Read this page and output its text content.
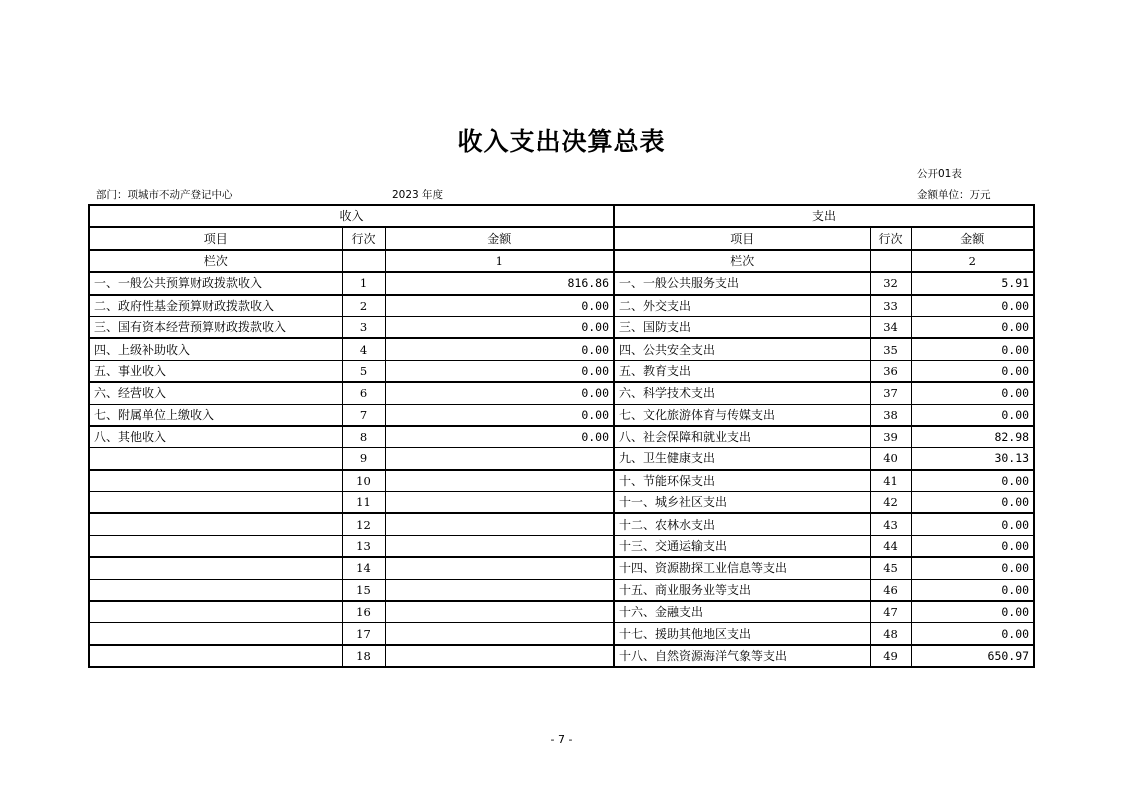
收入支出决算总表
公开01表
部门：项城市不动产登记中心	2023 年度	金额单位：万元
收入			支出		
项目	行次	金额	项目	行次	金额
栏次		1	栏次		2
一、一般公共预算财政拨款收入	1	816.86	一、一般公共服务支出	32	5.91
二、政府性基金预算财政拨款收入	2	0.00	二、外交支出	33	0.00
三、国有资本经营预算财政拨款收入	3	0.00	三、国防支出	34	0.00
四、上级补助收入	4	0.00	四、公共安全支出	35	0.00
五、事业收入	5	0.00	五、教育支出	36	0.00
六、经营收入	6	0.00	六、科学技术支出	37	0.00
七、附属单位上缴收入	7	0.00	七、文化旅游体育与传媒支出	38	0.00
八、其他收入	8	0.00	八、社会保障和就业支出	39	82.98
	9		九、卫生健康支出	40	30.13
	10		十、节能环保支出	41	0.00
	11		十一、城乡社区支出	42	0.00
	12		十二、农林水支出	43	0.00
	13		十三、交通运输支出	44	0.00
	14		十四、资源勘探工业信息等支出	45	0.00
	15		十五、商业服务业等支出	46	0.00
	16		十六、金融支出	47	0.00
	17		十七、援助其他地区支出	48	0.00
	18		十八、自然资源海洋气象等支出	49	650.97
- 7 -
